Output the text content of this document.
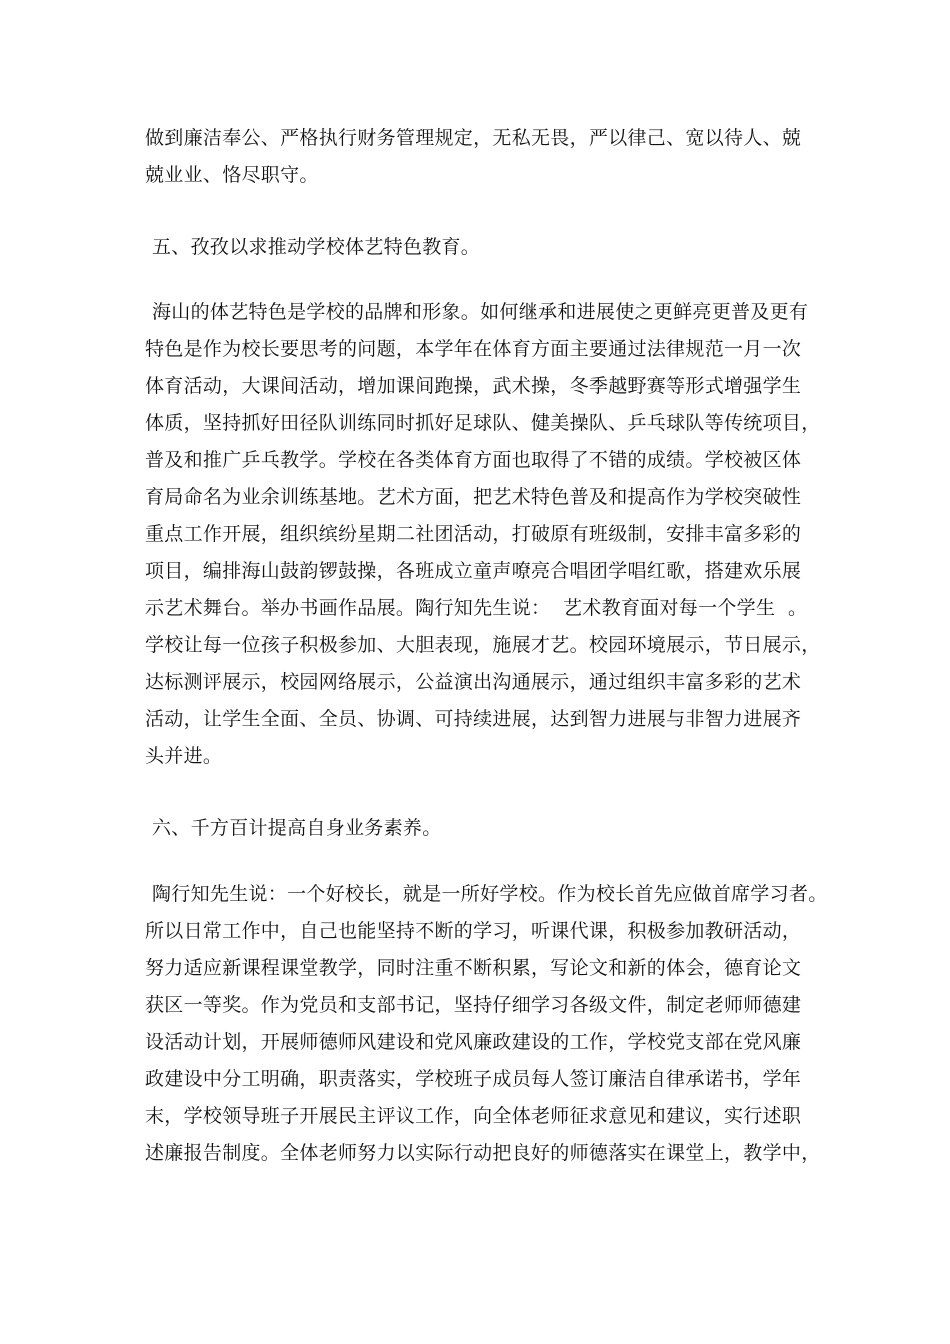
做到廉洁奉公、严格执行财务管理规定，无私无畏，严以律己、宽以待人、兢
兢业业、恪尽职守。
五、孜孜以求推动学校体艺特色教育。
海山的体艺特色是学校的品牌和形象。如何继承和进展使之更鲜亮更普及更有
特色是作为校长要思考的问题，本学年在体育方面主要通过法律规范一月一次
体育活动，大课间活动，增加课间跑操，武术操，冬季越野赛等形式增强学生
体质，坚持抓好田径队训练同时抓好足球队、健美操队、乒乓球队等传统项目，
普及和推广乒乓教学。学校在各类体育方面也取得了不错的成绩。学校被区体
育局命名为业余训练基地。艺术方面，把艺术特色普及和提高作为学校突破性
重点工作开展，组织缤纷星期二社团活动，打破原有班级制，安排丰富多彩的
项目，编排海山鼓韵锣鼓操，各班成立童声嘹亮合唱团学唱红歌，搭建欢乐展
示艺术舞台。举办书画作品展。陶行知先生说：  艺术教育面对每一个学生  。
学校让每一位孩子积极参加、大胆表现，施展才艺。校园环境展示，节日展示，
达标测评展示，校园网络展示，公益演出沟通展示，通过组织丰富多彩的艺术
活动，让学生全面、全员、协调、可持续进展，达到智力进展与非智力进展齐
头并进。
六、千方百计提高自身业务素养。
陶行知先生说：一个好校长，就是一所好学校。作为校长首先应做首席学习者。
所以日常工作中，自己也能坚持不断的学习，听课代课，积极参加教研活动，
努力适应新课程课堂教学，同时注重不断积累，写论文和新的体会，德育论文
获区一等奖。作为党员和支部书记，坚持仔细学习各级文件，制定老师师德建
设活动计划，开展师德师风建设和党风廉政建设的工作，学校党支部在党风廉
政建设中分工明确，职责落实，学校班子成员每人签订廉洁自律承诺书，学年
末，学校领导班子开展民主评议工作，向全体老师征求意见和建议，实行述职
述廉报告制度。全体老师努力以实际行动把良好的师德落实在课堂上，教学中，
